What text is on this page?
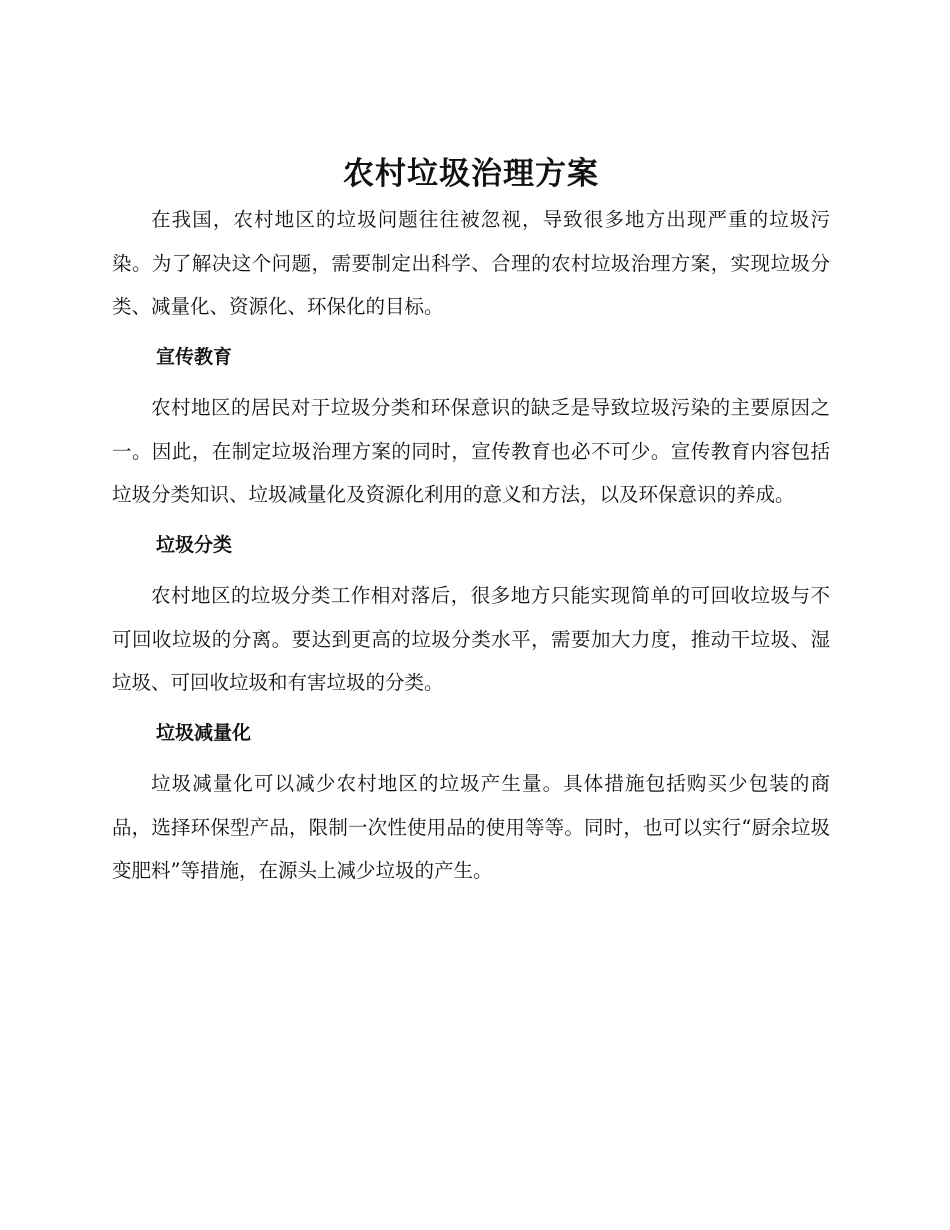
农村垃圾治理方案

在我国，农村地区的垃圾问题往往被忽视，导致很多地方出现严重的垃圾污染。为了解决这个问题，需要制定出科学、合理的农村垃圾治理方案，实现垃圾分类、减量化、资源化、环保化的目标。

宣传教育

农村地区的居民对于垃圾分类和环保意识的缺乏是导致垃圾污染的主要原因之一。因此，在制定垃圾治理方案的同时，宣传教育也必不可少。宣传教育内容包括垃圾分类知识、垃圾减量化及资源化利用的意义和方法，以及环保意识的养成。

垃圾分类

农村地区的垃圾分类工作相对落后，很多地方只能实现简单的可回收垃圾与不可回收垃圾的分离。要达到更高的垃圾分类水平，需要加大力度，推动干垃圾、湿垃圾、可回收垃圾和有害垃圾的分类。

垃圾减量化

垃圾减量化可以减少农村地区的垃圾产生量。具体措施包括购买少包装的商品，选择环保型产品，限制一次性使用品的使用等等。同时，也可以实行“厨余垃圾变肥料”等措施，在源头上减少垃圾的产生。
